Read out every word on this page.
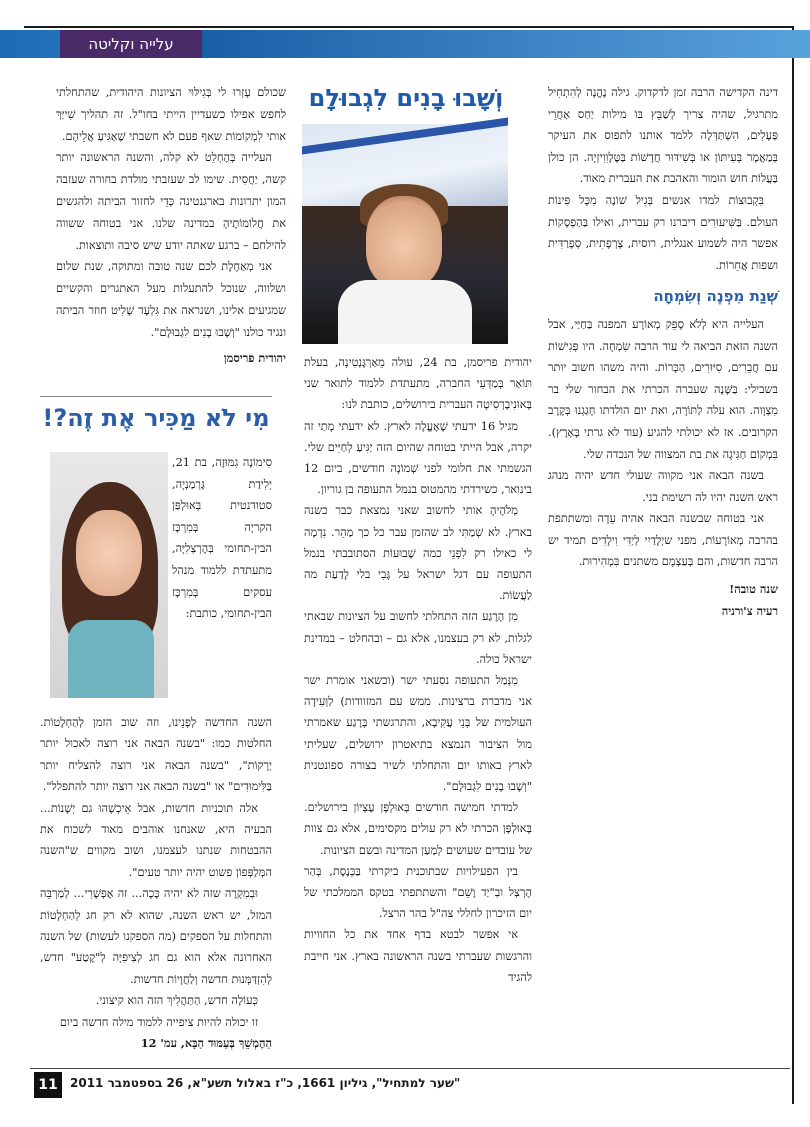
עלייה וקליטה

דינה הקדישה הרבה זמן לדקדוק. גילה נֶהֱנָה לְהִתְחִיל מתרגיל, שהיה צריך לְשַׁבֵּץ בּוֹ מילות יַחַס אַחֲרֵי פְּעָלִים, הִשְׁתַּדְּלָה ללמד אותנו לתפוס את העיקר בְּמַאֲמָר בְּעִיתּוֹן או בְּשִׁידּוּר חֲדָשׁוֹת בַּטֶּלֶוִוִיזְיָה. הן כולן בַּעֲלוֹת חוש הומור והאהבת את העברית מאוד.

בִּקְבוּצוֹת למדו אנשים בְּגִיל שׁוֹנֶה מִכָּל פִּינוֹת העולם. בַּשִּׁיעוּרִים דיברנו רק עברית, ואילו בַּהַפְסָקוֹת אפשר היה לשמוע אנגלית, רוסית, צָרְפָתִית, סְפָרַדִּית ושפות אֲחֵרוֹת.

שְׁנַת מִפְנֶה וְשִׂמְחָה

העלייה היא לְלֹא סָפֵק מְאוֹרָע המפנה בַּחַיַּי, אבל השנה הזאת הביאה לי עוד הרבה שִׂמְחָה. היו פְּגִישׁוֹת עם חֲבֵרִים, סִיּוּרִים, הַכָּרוֹת. והיה משהו חשוב יותר בשבילי: בַּשָּׁנָה שעברה הכרתי את הבחור שלי בר מִצְוָוה. הוא עלה לַתּוֹרָה, ואת יום הולדתו חָגַגְנוּ בְּקֶרֶב הקרובים. אז לא יכולתי להגיע (עוד לא גרתי בָּאָרֶץ). בִּמְקוֹם חַגִּיגָה את בת המצווה של הנכדה שלי.

בשנה הבאה אני מקווה שעולי חדש יהיה מנהג ראש השנה יהיו לה רשימת בני.

אני בטוחה שבשנה הבאה אהיה עֵדָה ומשתתפת בהרבה מְאוֹרָעוֹת, מפני שיְלָדַיִי לְיַדִּי וִילָדִים תמיד יש הרבה חדשות, והם בְּעַצְמָם משתנים בִּמְהִירוּת.

שנה טובה!

רעיה צ'ורניה

וְשָׁבוּ בָנִים לִגְבוּלָם

יהודית פריסמן, בת 24, עולה מֵאַרְגֶּנְטִינָה, בעלת תּוֹאַר בְּמַדְּעֵי החברה, מתעתדת ללמוד לתואר שני בָּאוּנִיבֶרְסִיטָה העברית בירושלים, כותבת לנו:

מגיל 16 ידעתי שֶׁאֶעֱלֶה לארץ. לא ידעתי מָתַי זה יקרה, אבל הייתי בטוחה שהיום הזה יַגִּיעַ לְחַיִּים שלי. הגשמתי את חלומי לפני שְׁמוֹנָה חודשים, ביום 12 בינואר, כשירדתי מהמטוס בנמל התעופה בן גוריון.

מְלֹהֶיהָ אותי לחשוב שאני נמצאת כבר כשנה בארץ. לא שְׁמַתִּי לב שהזמן עבר כל כך מַהֵר. נִדְמֶה לי כאילו רק לִפְנֵי כמה שָׁבוּעוֹת הסתובבתי בנמל התעופה עם דגל ישראל על גָּבִי בלי לָדַעַת מה לַעֲשׂוֹת.

מִן הָרֶגַע הזה התחלתי לחשוב על הציונות שבאתי לגלות, לא רק בעצמנו, אלא גם – ובהחלט – במדינת ישראל כולה.

מִנְּמַל התעופה נסעתי ישר (וכשאני אומרת ישר אני מדברת ברצינות. ממש עם המזוודות) לַוְּעִידָה העולמית של בְּנֵי עֲקִיבָא, והתרגשתי בָּרֶגַע שאמרתי מול הציבור הנמצא בתיאטרון ירושלים, שעליתי לארץ באותו יום והתחלתי לשיר בצורה ספונטנית "וְשָׁבוּ בָנִים לִגְבוּלָם".

למדתי חמישה חודשים בְּאוּלְפָּן עֶצְיוֹן בירושלים. בָּאוּלְפָּן הכרתי לא רק עולים מקסימים, אלא גם צוות של עובדים שעושים לְמַעַן המדינה ובשם הציונות.

בין הפעילויות שבתוכנית ביקרתי בַּכְּנֶסֶת, בְּהַר הֶרְצְל ובְ"יַד וָשֵׁם" והשתתפתי בטקס הממלכתי של יום הזיכרון לחללי צה"ל בהר הרצל.

אי אפשר לבטא בדף אחד את כל החוויות והרגשות שעברתי בשנה הראשונה בארץ. אני חייבת להגיד

שכולם עָזְרוּ לי בְּגִילּוּי הציונות היהודית, שהתחלתי לחפש אפילו כשעדיין הייתי בחו"ל. זה תהליך שִׁייַּךְ אותי לִמְקוֹמוֹת שאף פעם לא חשבתי שֶׁאַגִּיעַ אֲלֵיהֶם.

העלייה בְּהֶחְלֵט לא קלה, והשנה הראשונה יותר קשה, יַחֲסִית. שימו לב שעזבתי מולדת בחורה שעזבה המון יתרונות בארגנטינה כְּדֵי לחזור הביתה ולהגשים את חֲלוֹמוֹתֶיהָ במדינה שלנו. אני בטוחה ששווה להילחם – ברגע שאתה יודע שיש סיבה ותוצאות.

אני מְאַחֶלֶת לכם שנה טובה ומתוקה, שנת שלום ושלווה, שנוכל להתעלות מעל האתגרים והקשיים שמגיעים אלינו, ושנראה את גִּלְעָד שָׁלִיט חוזר הביתה ונגיד כולנו "וְשָׁבוּ בָנִים לִגְבוּלָם".

יהודית פריסמן

מִי לֹא מַכִּיר אֶת זֶה?!

סִימוֹנָה גִמּוּזֶה, בת 21, יְלִידַת גֶּרְמַנְיָה, סטודנטית בְּאוּלְפַּן הקריָה בְּמִרְכָּז הבין-תחומי בְּהֶרְצְלִיָּה, מתעתדת ללמוד מנהל עסקים בְּמִרְכָּז הבין-תחומי, כותבת:

השנה החדשה לְפָנֵינוּ, וזה שוב הזמן לְהַחְלָטוֹת. החלטות כמו: "בשנה הבאה אני רוצה לאכול יותר יְרָקוֹת", "בשנה הבאה אני רוצה להצליח יותר בַּלִּימוּדִים" או "בשנה הבאה אני רוצה יותר להתפלל".

אלה תוכניות חדשות, אבל אֵיכְשֶׁהוּ גם יְשָׁנוֹת... הבעיה היא, שאנחנו אוהבים מאוד לשכוח את ההבטחות שנתנו לעצמנו, ושוב מקווים ש"השנה המְּלַפְּפוֹן פשוט יהיה יותר טעים".

וּבְמִקְרֶה שזה לא יהיה כָּכָה... זה אֶפְשָׁרִי... לְמַרְבֵּה המזל, יש ראש השנה, שהוא לא רק חג לְהַחְלָטוֹת והתחלות על הספקים (מה הספקנו לעשות) של השנה האחרונה אלא הוא גם חג לְצִיפִיָּה לְ"קֶטַע" חדש, לְהִזְדַּמְּנוּת חדשה וְלַחֲוָיוֹת חדשות.

כְּעוֹלָה חדש, הַתַּהֲלִיךְ הזה הוא קיצוני.

זו יכולה להיות ציפייה ללמוד מילה חדשה ביום

הַהֶמְשֵׁךְ בְּעַמּוּד הַבָּא, עמ' 12

11	"שער למתחיל", גיליון 1661, כ"ז באלול תשע"א, 26 בספטמבר 2011
